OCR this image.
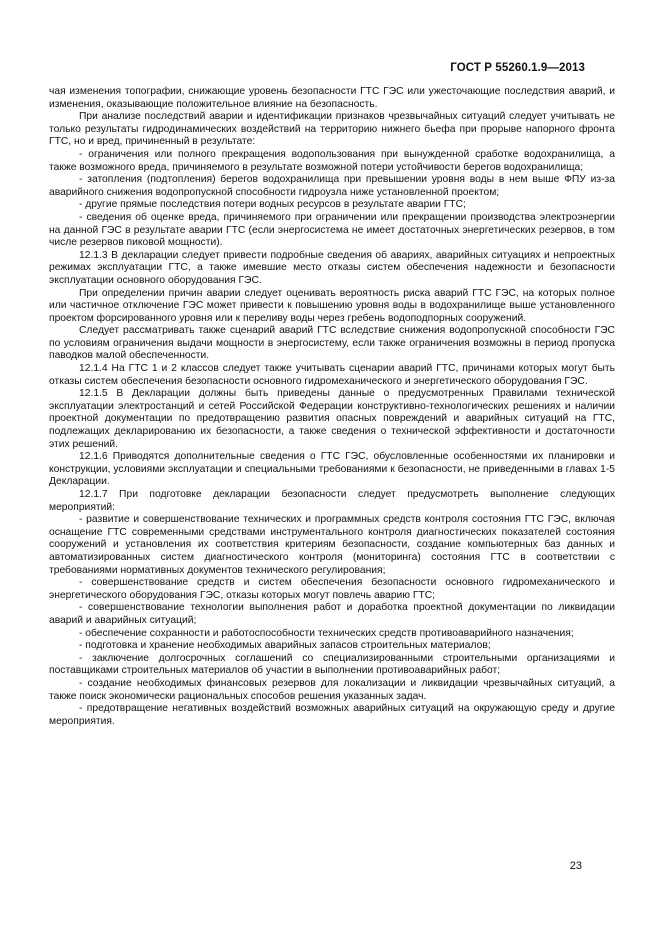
ГОСТ Р 55260.1.9—2013

чая изменения топографии, снижающие уровень безопасности ГТС ГЭС или ужесточающие последствия аварий, и изменения, оказывающие положительное влияние на безопасность.

При анализе последствий аварии и идентификации признаков чрезвычайных ситуаций следует учитывать не только результаты гидродинамических воздействий на территорию нижнего бьефа при прорыве напорного фронта ГТС, но и вред, причиненный в результате:

- ограничения или полного прекращения водопользования при вынужденной сработке водохранилища, а также возможного вреда, причиняемого в результате возможной потери устойчивости берегов водохранилища;

- затопления (подтопления) берегов водохранилища при превышении уровня воды в нем выше ФПУ из-за аварийного снижения водопропускной способности гидроузла ниже установленной проектом;

- другие прямые последствия потери водных ресурсов в результате аварии ГТС;

- сведения об оценке вреда, причиняемого при ограничении или прекращении производства электроэнергии на данной ГЭС в результате аварии ГТС (если энергосистема не имеет достаточных энергетических резервов, в том числе резервов пиковой мощности).

12.1.3 В декларации следует привести подробные сведения об авариях, аварийных ситуациях и непроектных режимах эксплуатации ГТС, а также имевшие место отказы систем обеспечения надежности и безопасности эксплуатации основного оборудования ГЭС.

При определении причин аварии следует оценивать вероятность риска аварий ГТС ГЭС, на которых полное или частичное отключение ГЭС может привести к повышению уровня воды в водохранилище выше установленного проектом форсированного уровня или к переливу воды через гребень водоподпорных сооружений.

Следует рассматривать также сценарий аварий ГТС вследствие снижения водопропускной способности ГЭС по условиям ограничения выдачи мощности в энергосистему, если также ограничения возможны в период пропуска паводков малой обеспеченности.

12.1.4 На ГТС 1 и 2 классов следует также учитывать сценарии аварий ГТС, причинами которых могут быть отказы систем обеспечения безопасности основного гидромеханического и энергетического оборудования ГЭС.

12.1.5 В Декларации должны быть приведены данные о предусмотренных Правилами технической эксплуатации электростанций и сетей Российской Федерации конструктивно-технологических решениях и наличии проектной документации по предотвращению развития опасных повреждений и аварийных ситуаций на ГТС, подлежащих декларированию их безопасности, а также сведения о технической эффективности и достаточности этих решений.

12.1.6 Приводятся дополнительные сведения о ГТС ГЭС, обусловленные особенностями их планировки и конструкции, условиями эксплуатации и специальными требованиями к безопасности, не приведенными в главах 1-5 Декларации.

12.1.7 При подготовке декларации безопасности следует предусмотреть выполнение следующих мероприятий:

- развитие и совершенствование технических и программных средств контроля состояния ГТС ГЭС, включая оснащение ГТС современными средствами инструментального контроля диагностических показателей состояния сооружений и установления их соответствия критериям безопасности, создание компьютерных баз данных и автоматизированных систем диагностического контроля (мониторинга) состояния ГТС в соответствии с требованиями нормативных документов технического регулирования;

- совершенствование средств и систем обеспечения безопасности основного гидромеханического и энергетического оборудования ГЭС, отказы которых могут повлечь аварию ГТС;

- совершенствование технологии выполнения работ и доработка проектной документации по ликвидации аварий и аварийных ситуаций;

- обеспечение сохранности и работоспособности технических средств противоаварийного назначения;

- подготовка и хранение необходимых аварийных запасов строительных материалов;

- заключение долгосрочных соглашений со специализированными строительными организациями и поставщиками строительных материалов об участии в выполнении противоаварийных работ;

- создание необходимых финансовых резервов для локализации и ликвидации чрезвычайных ситуаций, а также поиск экономически рациональных способов решения указанных задач.

- предотвращение негативных воздействий возможных аварийных ситуаций на окружающую среду и другие мероприятия.

23
